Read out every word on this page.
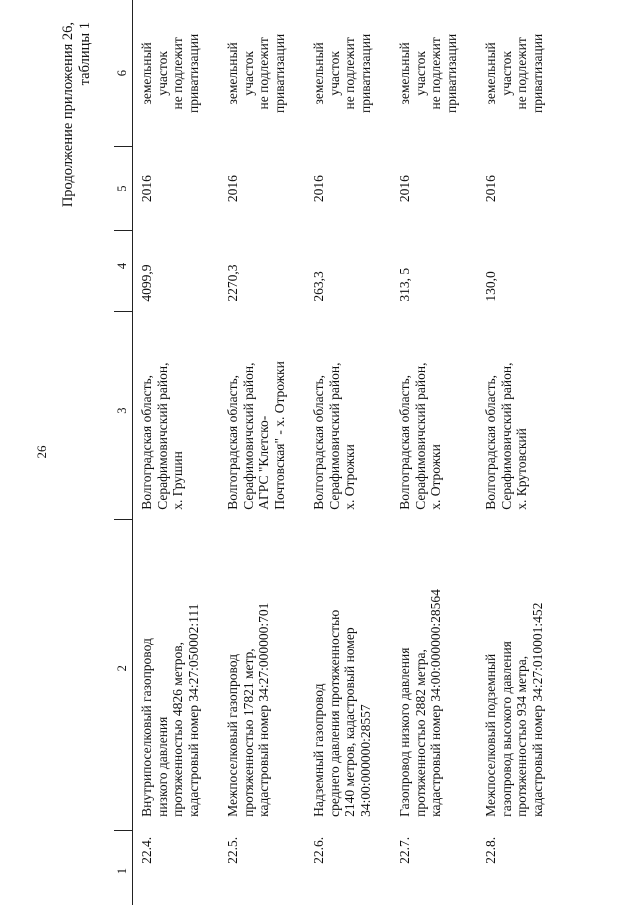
26
Продолжение приложения 26, таблицы 1
1	2	3	4	5	6
22.4.	Внутрипоселковый газопровод низкого давления протяженностью 4826 метров, кадастровый номер 34:27:050002:111	Волгоградская область, Серафимовичский район, х. Грушин	4099,9	2016	земельный участок не подлежит приватизации

22.5.	Межпоселковый газопровод протяженностью 17821 метр, кадастровый номер 34:27:000000:701	Волгоградская область, Серафимовичский район, АГРС "Клетско- Почтовская" - х. Отрожки	2270,3	2016	земельный участок не подлежит приватизации

22.6.	Надземный газопровод среднего давления протяженностью 2140 метров, кадастровый номер 34:00:000000:28557	Волгоградская область, Серафимовичский район, х. Отрожки	263,3	2016	земельный участок не подлежит приватизации

22.7.	Газопровод низкого давления протяженностью 2882 метра, кадастровый номер 34:00:000000:28564	Волгоградская область, Серафимовичский район, х. Отрожки	313, 5	2016	земельный участок не подлежит приватизации

22.8.	Межпоселковый подземный газопровод высокого давления протяженностью 934 метра, кадастровый номер 34:27:010001:452	Волгоградская область, Серафимовичский район, х. Крутовский	130,0	2016	земельный участок не подлежит приватизации
